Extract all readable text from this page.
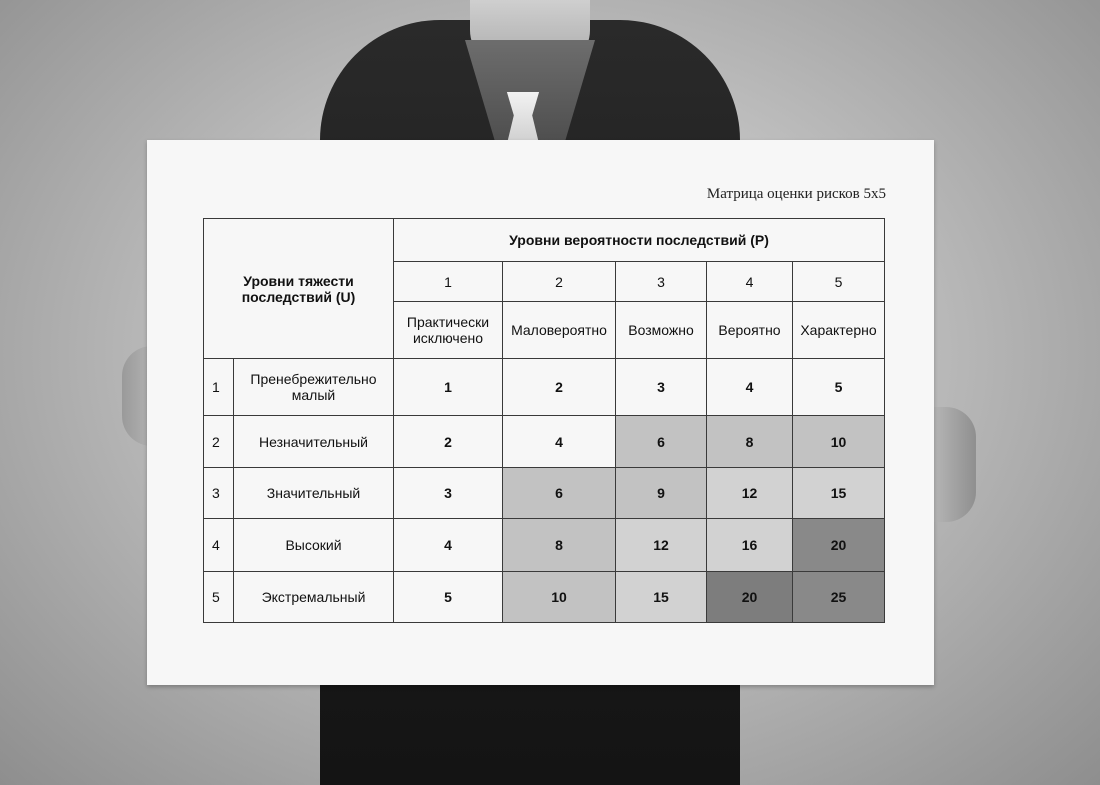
Матрица оценки рисков 5х5
Уровни тяжести последствий (U)		Уровни вероятности последствий (P)				
		1	2	3	4	5
		Практически исключено	Маловероятно	Возможно	Вероятно	Характерно
1	Пренебрежительно малый	1	2	3	4	5
2	Незначительный	2	4	6	8	10
3	Значительный	3	6	9	12	15
4	Высокий	4	8	12	16	20
5	Экстремальный	5	10	15	20	25
